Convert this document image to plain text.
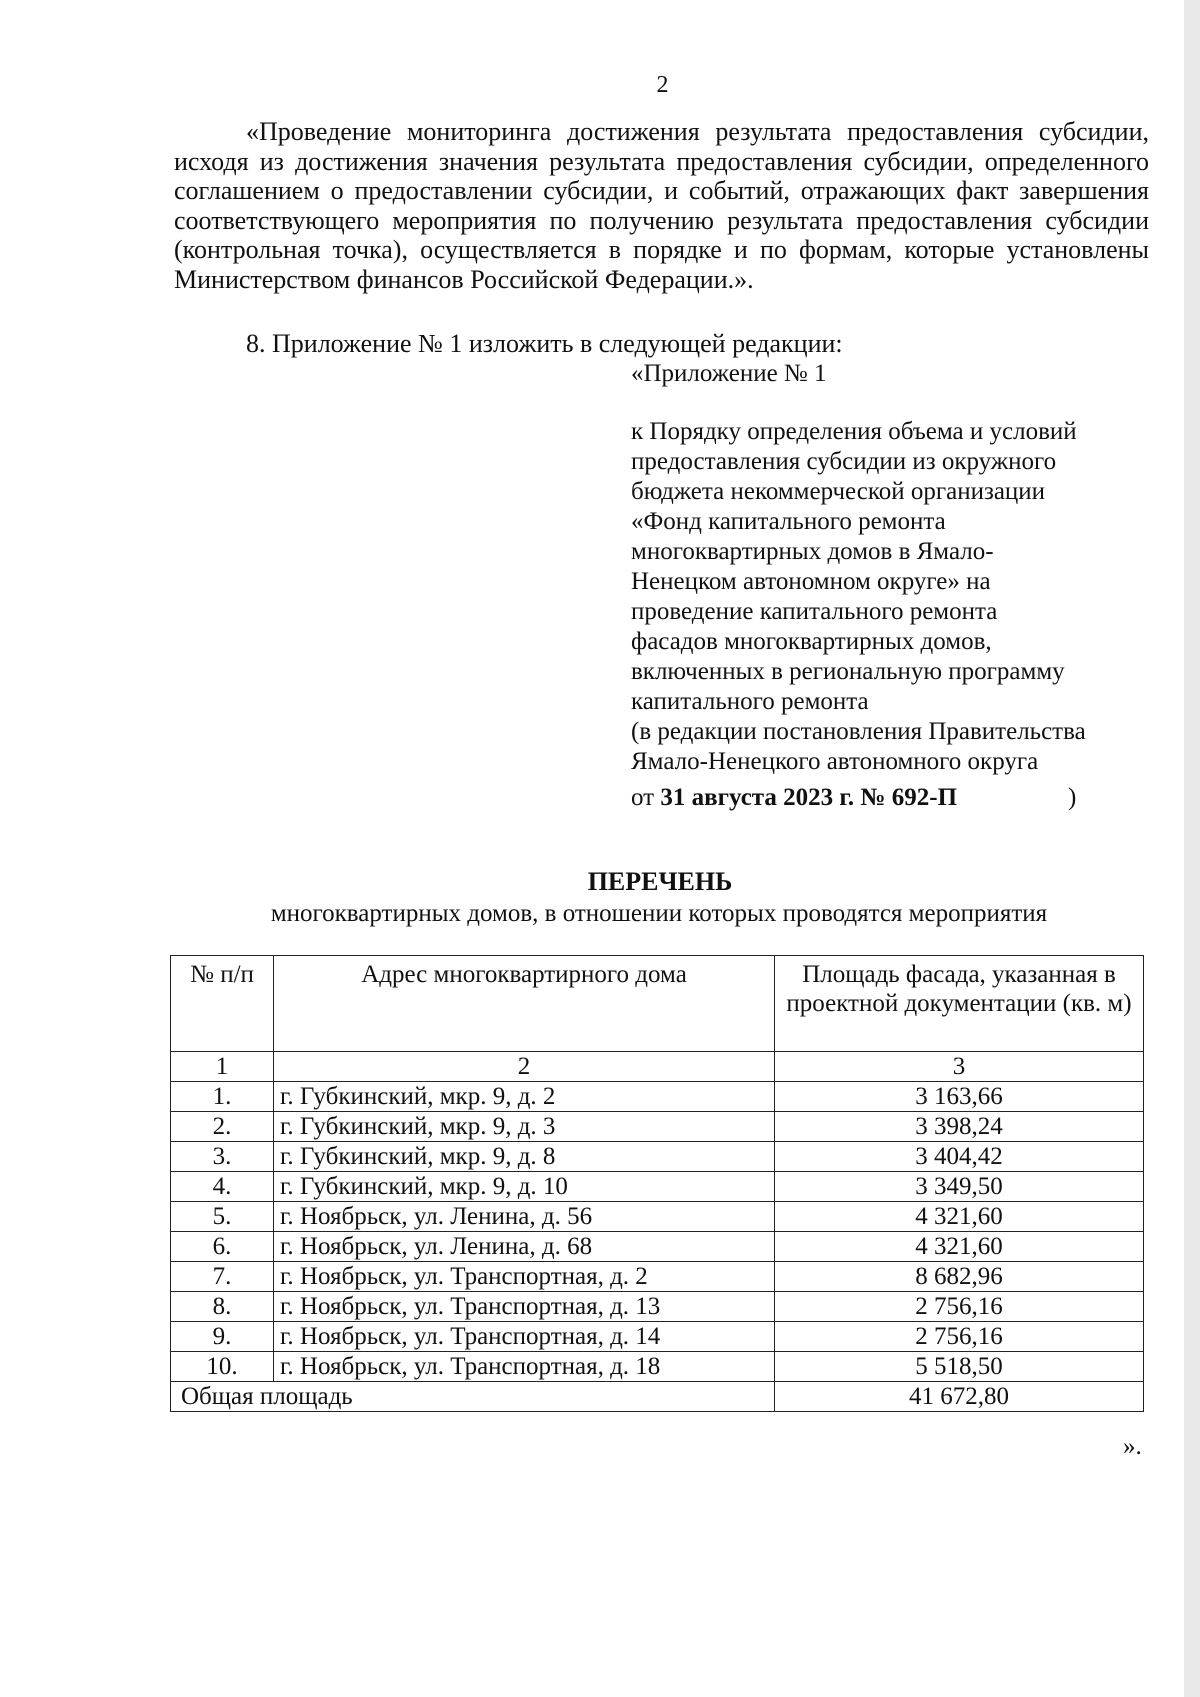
2
«Проведение мониторинга достижения результата предоставления субсидии, исходя из достижения значения результата предоставления субсидии, определенного соглашением о предоставлении субсидии, и событий, отражающих факт завершения соответствующего мероприятия по получению результата предоставления субсидии (контрольная точка), осуществляется в порядке и по формам, которые установлены Министерством финансов Российской Федерации.».
8. Приложение № 1 изложить в следующей редакции:
«Приложение № 1
к Порядку определения объема и условий
предоставления субсидии из окружного
бюджета некоммерческой организации
«Фонд капитального ремонта
многоквартирных домов в Ямало-
Ненецком автономном округе» на
проведение капитального ремонта
фасадов многоквартирных домов,
включенных в региональную программу
капитального ремонта
(в редакции постановления Правительства
Ямало-Ненецкого автономного округа
от 31 августа 2023 г. № 692-П	)
ПЕРЕЧЕНЬ
многоквартирных домов, в отношении которых проводятся мероприятия
№ п/п	Адрес многоквартирного дома	Площадь фасада, указанная в проектной документации (кв. м)
1	2	3
1.	г. Губкинский, мкр. 9, д. 2	3 163,66
2.	г. Губкинский, мкр. 9, д. 3	3 398,24
3.	г. Губкинский, мкр. 9, д. 8	3 404,42
4.	г. Губкинский, мкр. 9, д. 10	3 349,50
5.	г. Ноябрьск, ул. Ленина, д. 56	4 321,60
6.	г. Ноябрьск, ул. Ленина, д. 68	4 321,60
7.	г. Ноябрьск, ул. Транспортная, д. 2	8 682,96
8.	г. Ноябрьск, ул. Транспортная, д. 13	2 756,16
9.	г. Ноябрьск, ул. Транспортная, д. 14	2 756,16
10.	г. Ноябрьск, ул. Транспортная, д. 18	5 518,50
Общая площадь		41 672,80
».
